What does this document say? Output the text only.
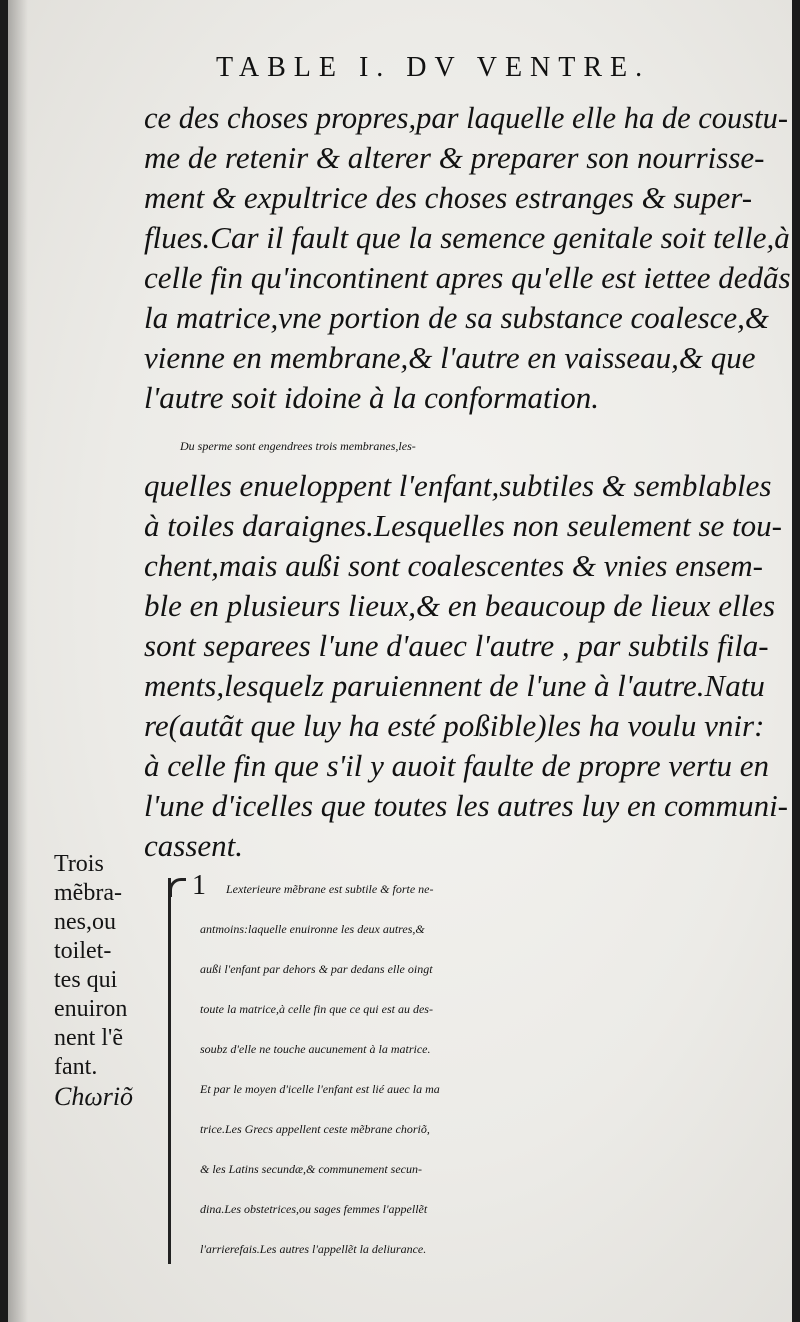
TABLE I. DV VENTRE.
ce des choses propres,par laquelle elle ha de coustu-
me de retenir & alterer & preparer son nourrisse-
ment & expultrice des choses estranges & super-
flues.Car il fault que la semence genitale soit telle,à
celle fin qu'incontinent apres qu'elle est iettee dedãs
la matrice,vne portion de sa substance coalesce,&
vienne en membrane,& l'autre en vaisseau,& que
l'autre soit idoine à la conformation.
Du sperme sont engendrees trois membranes,les-
quelles enueloppent l'enfant,subtiles & semblables
à toiles daraignes.Lesquelles non seulement se tou-
chent,mais außi sont coalescentes & vnies ensem-
ble en plusieurs lieux,& en beaucoup de lieux elles
sont separees l'une d'auec l'autre , par subtils fila-
ments,lesquelz paruiennent de l'une à l'autre.Natu
re(autãt que luy ha esté poßible)les ha voulu vnir:
à celle fin que s'il y auoit faulte de propre vertu en
l'une d'icelles que toutes les autres luy en communi-
cassent.
Trois
mẽbra-
nes,ou
toilet-
tes qui
enuiron
nent l'ẽ
fant.
Chωriõ
1 Lexterieure mẽbrane est subtile & forte ne-
antmoins:laquelle enuironne les deux autres,&
außi l'enfant par dehors & par dedans elle oingt
toute la matrice,à celle fin que ce qui est au des-
soubz d'elle ne touche aucunement à la matrice.
Et par le moyen d'icelle l'enfant est lié auec la ma
trice.Les Grecs appellent ceste mẽbrane choriõ,
& les Latins secundæ,& communement secun-
dina.Les obstetrices,ou sages femmes l'appellẽt
l'arrierefais.Les autres l'appellẽt la deliurance.
